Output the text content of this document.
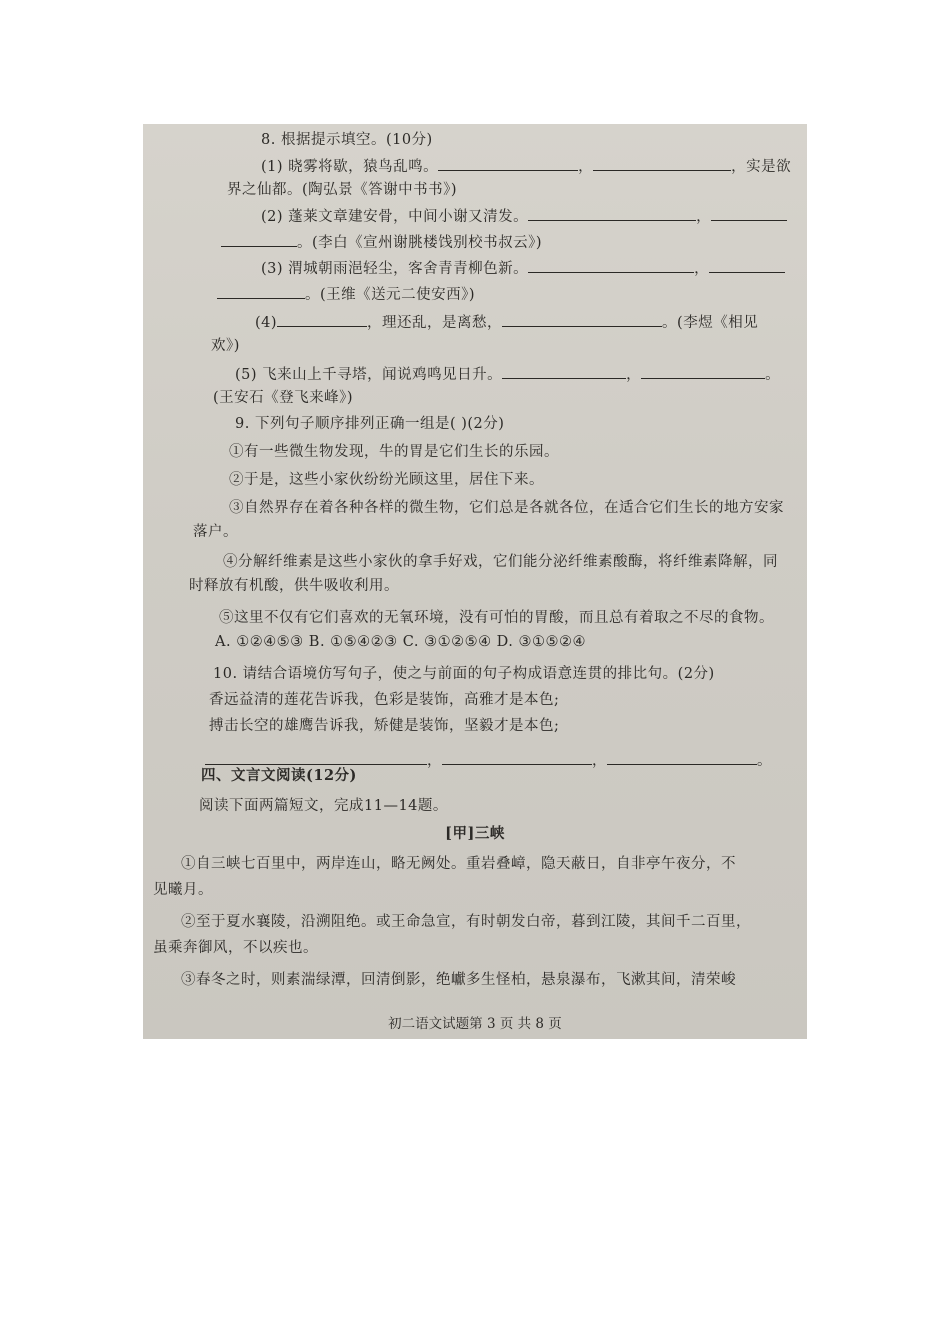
8. 根据提示填空。(10分)
(1) 晓雾将歇，猿鸟乱鸣。	，	，实是欲
界之仙都。(陶弘景《答谢中书书》)
(2) 蓬莱文章建安骨，中间小谢又清发。	，
。(李白《宣州谢朓楼饯别校书叔云》)
(3) 渭城朝雨浥轻尘，客舍青青柳色新。	，
。(王维《送元二使安西》)
(4)	，理还乱，是离愁，	。(李煜《相见
欢》)
(5) 飞来山上千寻塔，闻说鸡鸣见日升。	，	。
(王安石《登飞来峰》)
9. 下列句子顺序排列正确一组是( )(2分)
①有一些微生物发现，牛的胃是它们生长的乐园。
②于是，这些小家伙纷纷光顾这里，居住下来。
③自然界存在着各种各样的微生物，它们总是各就各位，在适合它们生长的地方安家
落户。
④分解纤维素是这些小家伙的拿手好戏，它们能分泌纤维素酸酶，将纤维素降解，同
时释放有机酸，供牛吸收利用。
⑤这里不仅有它们喜欢的无氧环境，没有可怕的胃酸，而且总有着取之不尽的食物。
A. ①②④⑤③ B. ①⑤④②③ C. ③①②⑤④ D. ③①⑤②④
10. 请结合语境仿写句子，使之与前面的句子构成语意连贯的排比句。(2分)
香远益清的莲花告诉我，色彩是装饰，高雅才是本色;
搏击长空的雄鹰告诉我，矫健是装饰，坚毅才是本色;
，	，	。
四、文言文阅读(12分)
阅读下面两篇短文，完成11—14题。
[甲]三峡
①自三峡七百里中，两岸连山，略无阙处。重岩叠嶂，隐天蔽日，自非亭午夜分，不
见曦月。
②至于夏水襄陵，沿溯阻绝。或王命急宣，有时朝发白帝，暮到江陵，其间千二百里，
虽乘奔御风，不以疾也。
③春冬之时，则素湍绿潭，回清倒影，绝巘多生怪柏，悬泉瀑布，飞漱其间，清荣峻
初二语文试题第 3 页 共 8 页
